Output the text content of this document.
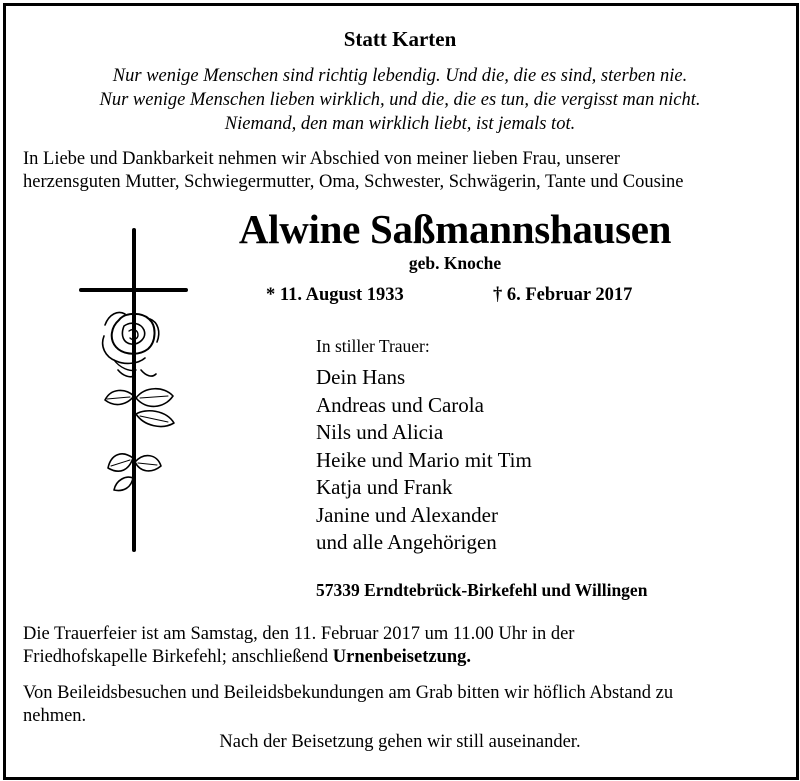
Statt Karten
Nur wenige Menschen sind richtig lebendig. Und die, die es sind, sterben nie.
Nur wenige Menschen lieben wirklich, und die, die es tun, die vergisst man nicht.
Niemand, den man wirklich liebt, ist jemals tot.
In Liebe und Dankbarkeit nehmen wir Abschied von meiner lieben Frau, unserer
herzensguten Mutter, Schwiegermutter, Oma, Schwester, Schwägerin, Tante und Cousine
Alwine Saßmannshausen
geb. Knoche
* 11. August 1933	† 6. Februar 2017
In stiller Trauer:
Dein Hans
Andreas und Carola
Nils und Alicia
Heike und Mario mit Tim
Katja und Frank
Janine und Alexander
und alle Angehörigen
57339 Erndtebrück-Birkefehl und Willingen
Die Trauerfeier ist am Samstag, den 11. Februar 2017 um 11.00 Uhr in der
Friedhofskapelle Birkefehl; anschließend Urnenbeisetzung.
Von Beileidsbesuchen und Beileidsbekundungen am Grab bitten wir höflich Abstand zu
nehmen.
Nach der Beisetzung gehen wir still auseinander.
